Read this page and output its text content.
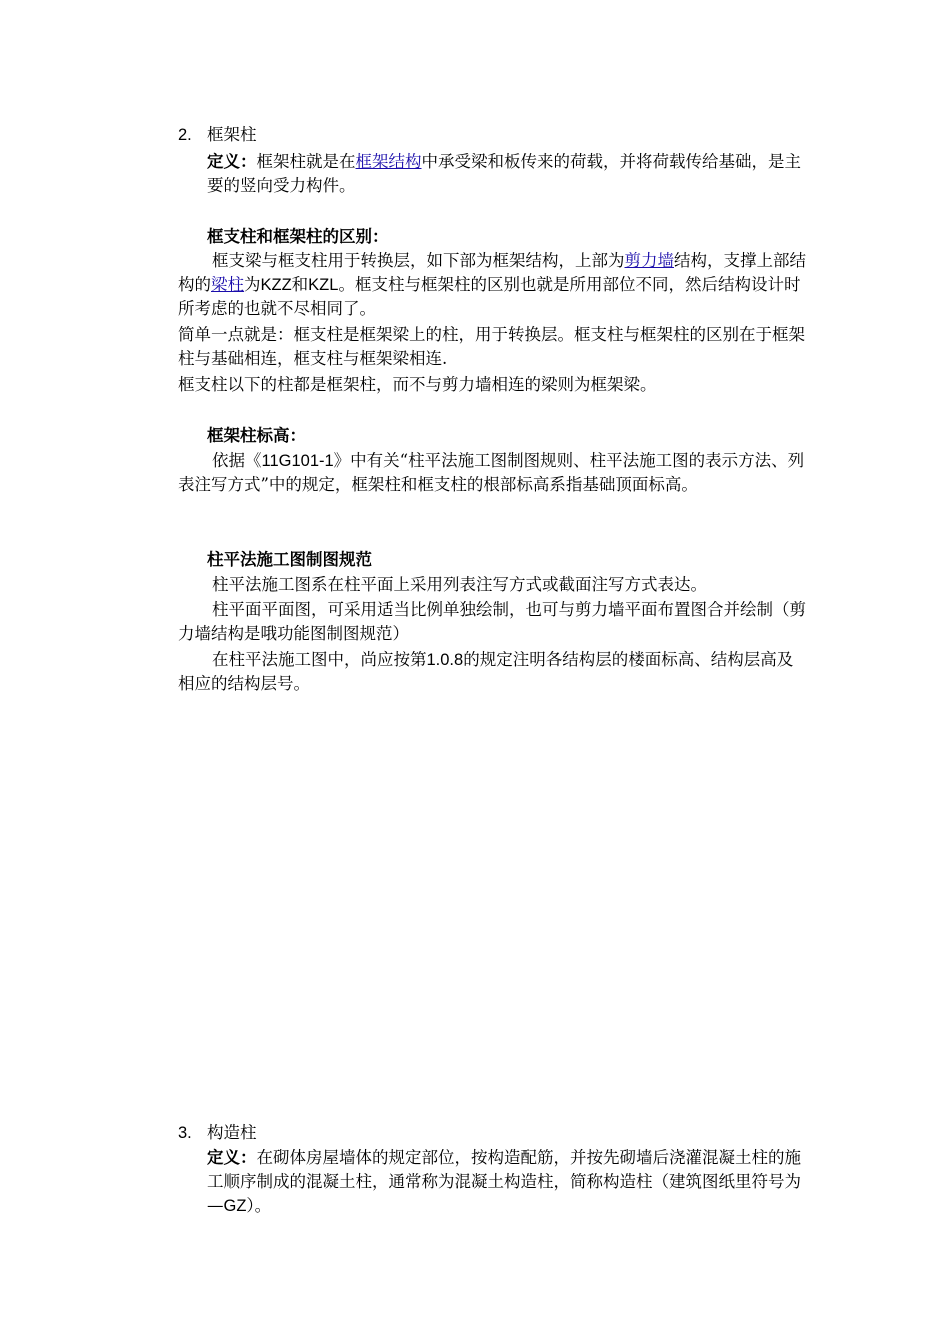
2. 框架柱
定义：框架柱就是在框架结构中承受梁和板传来的荷载，并将荷载传给基础，是主要的竖向受力构件。
框支柱和框架柱的区别：
框支梁与框支柱用于转换层，如下部为框架结构，上部为剪力墙结构，支撑上部结构的梁柱为KZZ和KZL。框支柱与框架柱的区别也就是所用部位不同，然后结构设计时所考虑的也就不尽相同了。
简单一点就是：框支柱是框架梁上的柱，用于转换层。框支柱与框架柱的区别在于框架柱与基础相连，框支柱与框架梁相连.
框支柱以下的柱都是框架柱，而不与剪力墙相连的梁则为框架梁。
框架柱标高：
依据《11G101-1》中有关“柱平法施工图制图规则、柱平法施工图的表示方法、列表注写方式”中的规定，框架柱和框支柱的根部标高系指基础顶面标高。
柱平法施工图制图规范
柱平法施工图系在柱平面上采用列表注写方式或截面注写方式表达。
柱平面平面图，可采用适当比例单独绘制，也可与剪力墙平面布置图合并绘制（剪力墙结构是哦功能图制图规范）
在柱平法施工图中，尚应按第1.0.8的规定注明各结构层的楼面标高、结构层高及相应的结构层号。
3. 构造柱
定义：在砌体房屋墙体的规定部位，按构造配筋，并按先砌墙后浇灌混凝土柱的施工顺序制成的混凝土柱，通常称为混凝土构造柱，简称构造柱（建筑图纸里符号为—GZ）。
